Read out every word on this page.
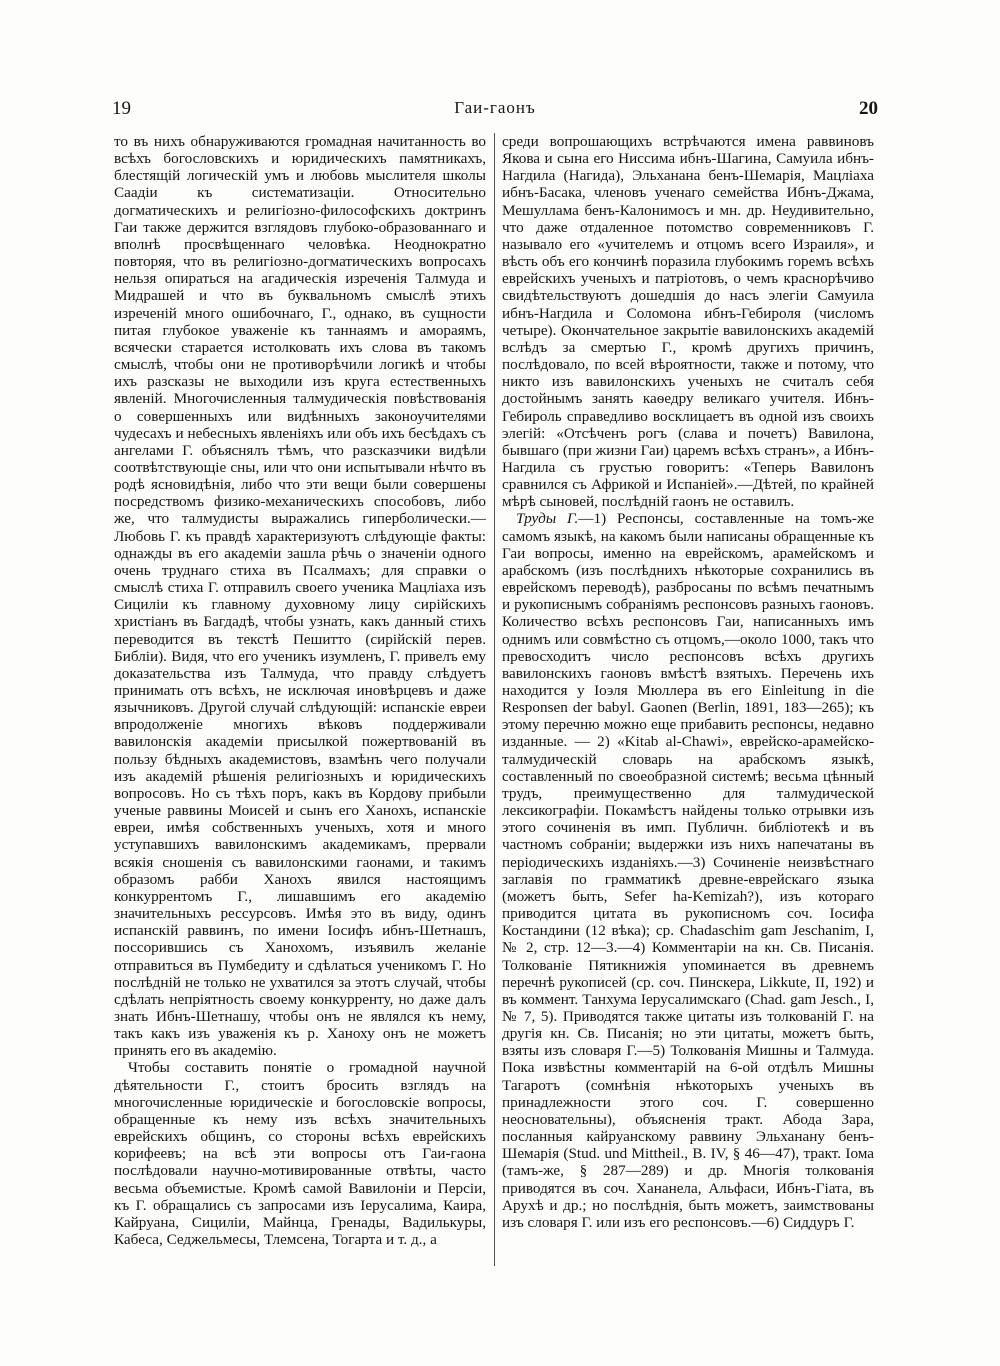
19	Гаи-гаонъ	20

то въ нихъ обнаруживаются громадная начитанность во всѣхъ богословскихъ и юридическихъ памятникахъ, блестящій логическій умъ и любовь мыслителя школы Саадіи къ систематизаціи. Относительно догматическихъ и религіозно-философскихъ доктринъ Гаи также держится взглядовъ глубоко-образованнаго и вполнѣ просвѣщеннаго человѣка. Неоднократно повторяя, что въ религіозно-догматическихъ вопросахъ нельзя опираться на агадическія изреченія Талмуда и Мидрашей и что въ буквальномъ смыслѣ этихъ изреченій много ошибочнаго, Г., однако, въ сущности питая глубокое уваженіе къ таннаямъ и амораямъ, всячески старается истолковать ихъ слова въ такомъ смыслѣ, чтобы они не противорѣчили логикѣ и чтобы ихъ разсказы не выходили изъ круга естественныхъ явленій. Многочисленныя талмудическія повѣствованія о совершенныхъ или видѣнныхъ законоучителями чудесахъ и небесныхъ явленіяхъ или объ ихъ бесѣдахъ съ ангелами Г. объяснялъ тѣмъ, что разсказчики видѣли соотвѣтствующіе сны, или что они испытывали нѣчто въ родѣ ясновидѣнія, либо что эти вещи были совершены посредствомъ физико-механическихъ способовъ, либо же, что талмудисты выражались гиперболически.—Любовь Г. къ правдѣ характеризуютъ слѣдующіе факты: однажды въ его академіи зашла рѣчь о значеніи одного очень труднаго стиха въ Псалмахъ; для справки о смыслѣ стиха Г. отправилъ своего ученика Мацліаха изъ Сициліи къ главному духовному лицу сирійскихъ христіанъ въ Багдадѣ, чтобы узнать, какъ данный стихъ переводится въ текстѣ Пешитто (сирійскій перев. Библіи). Видя, что его ученикъ изумленъ, Г. привелъ ему доказательства изъ Талмуда, что правду слѣдуетъ принимать отъ всѣхъ, не исключая иновѣрцевъ и даже язычниковъ. Другой случай слѣдующій: испанскіе евреи впродолженіе многихъ вѣковъ поддерживали вавилонскія академіи присылкой пожертвованій въ пользу бѣдныхъ академистовъ, взамѣнъ чего получали изъ академій рѣшенія религіозныхъ и юридическихъ вопросовъ. Но съ тѣхъ поръ, какъ въ Кордову прибыли ученые раввины Моисей и сынъ его Ханохъ, испанскіе евреи, имѣя собственныхъ ученыхъ, хотя и много уступавшихъ вавилонскимъ академикамъ, прервали всякія сношенія съ вавилонскими гаонами, и такимъ образомъ рабби Ханохъ явился настоящимъ конкуррентомъ Г., лишавшимъ его академію значительныхъ рессурсовъ. Имѣя это въ виду, одинъ испанскій раввинъ, по имени Іосифъ ибнъ-Шетнашъ, поссорившись съ Ханохомъ, изъявилъ желаніе отправиться въ Пумбедиту и сдѣлаться ученикомъ Г. Но послѣдній не только не ухватился за этотъ случай, чтобы сдѣлать непріятность своему конкурренту, но даже далъ знать Ибнъ-Шетнашу, чтобы онъ не являлся къ нему, такъ какъ изъ уваженія къ р. Ханоху онъ не можетъ принять его въ академію.

Чтобы составить понятіе о громадной научной дѣятельности Г., стоитъ бросить взглядъ на многочисленные юридическіе и богословскіе вопросы, обращенные къ нему изъ всѣхъ значительныхъ еврейскихъ общинъ, со стороны всѣхъ еврейскихъ корифеевъ; на всѣ эти вопросы отъ Гаи-гаона послѣдовали научно-мотивированные отвѣты, часто весьма объемистые. Кромѣ самой Вавилоніи и Персіи, къ Г. обращались съ запросами изъ Іерусалима, Каира, Кайруана, Сициліи, Майнца, Гренады, Вадилькуры, Кабеса, Седжельмесы, Тлемсена, Тогарта и т. д., а

среди вопрошающихъ встрѣчаются имена раввиновъ Якова и сына его Ниссима ибнъ-Шагина, Самуила ибнъ-Нагдила (Нагида), Эльханана бенъ-Шемарія, Мацліаха ибнъ-Басака, членовъ ученаго семейства Ибнъ-Джама, Мешуллама бенъ-Калонимосъ и мн. др. Неудивительно, что даже отдаленное потомство современниковъ Г. называло его «учителемъ и отцомъ всего Израиля», и вѣсть объ его кончинѣ поразила глубокимъ горемъ всѣхъ еврейскихъ ученыхъ и патріотовъ, о чемъ краснорѣчиво свидѣтельствуютъ дошедшія до насъ элегіи Самуила ибнъ-Нагдила и Соломона ибнъ-Гебироля (числомъ четыре). Окончательное закрытіе вавилонскихъ академій вслѣдъ за смертью Г., кромѣ другихъ причинъ, послѣдовало, по всей вѣроятности, также и потому, что никто изъ вавилонскихъ ученыхъ не считалъ себя достойнымъ занять каѳедру великаго учителя. Ибнъ-Гебироль справедливо восклицаетъ въ одной изъ своихъ элегій: «Отсѣченъ рогъ (слава и почетъ) Вавилона, бывшаго (при жизни Гаи) царемъ всѣхъ странъ», а Ибнъ-Нагдила съ грустью говоритъ: «Теперь Вавилонъ сравнился съ Африкой и Испаніей».—Дѣтей, по крайней мѣрѣ сыновей, послѣдній гаонъ не оставилъ.

Труды Г.—1) Респонсы, составленные на томъ-же самомъ языкѣ, на какомъ были написаны обращенные къ Гаи вопросы, именно на еврейскомъ, арамейскомъ и арабскомъ (изъ послѣднихъ нѣкоторые сохранились въ еврейскомъ переводѣ), разбросаны по всѣмъ печатнымъ и рукописнымъ собраніямъ респонсовъ разныхъ гаоновъ. Количество всѣхъ респонсовъ Гаи, написанныхъ имъ однимъ или совмѣстно съ отцомъ,—около 1000, такъ что превосходитъ число респонсовъ всѣхъ другихъ вавилонскихъ гаоновъ вмѣстѣ взятыхъ. Перечень ихъ находится у Іоэля Мюллера въ его Einleitung in die Responsen der babyl. Gaonen (Berlin, 1891, 183—265); къ этому перечню можно еще прибавить респонсы, недавно изданные. — 2) «Kitab al-Chawi», еврейско-арамейско-талмудическій словарь на арабскомъ языкѣ, составленный по своеобразной системѣ; весьма цѣнный трудъ, преимущественно для талмудической лексикографіи. Покамѣстъ найдены только отрывки изъ этого сочиненія въ имп. Публичн. библіотекѣ и въ частномъ собраніи; выдержки изъ нихъ напечатаны въ періодическихъ изданіяхъ.—3) Сочиненіе неизвѣстнаго заглавія по грамматикѣ древне-еврейскаго языка (можетъ быть, Sefer ha-Kemizah?), изъ котораго приводится цитата въ рукописномъ соч. Іосифа Костандини (12 вѣка); ср. Chadaschim gam Jeschanim, I, № 2, стр. 12—3.—4) Комментаріи на кн. Св. Писанія. Толкованіе Пятикнижія упоминается въ древнемъ перечнѣ рукописей (ср. соч. Пинскера, Likkute, II, 192) и въ коммент. Танхума Іерусалимскаго (Chad. gam Jesch., I, № 7, 5). Приводятся также цитаты изъ толкованій Г. на другія кн. Св. Писанія; но эти цитаты, можетъ быть, взяты изъ словаря Г.—5) Толкованія Мишны и Талмуда. Пока извѣстны комментарій на 6-ой отдѣлъ Мишны Тагаротъ (сомнѣнія нѣкоторыхъ ученыхъ въ принадлежности этого соч. Г. совершенно неосновательны), объясненія тракт. Абода Зара, посланныя кайруанскому раввину Эльханану бенъ-Шемарія (Stud. und Mittheil., B. IV, § 46—47), тракт. Іома (тамъ-же, § 287—289) и др. Многія толкованія приводятся въ соч. Хананела, Альфаси, Ибнъ-Гіата, въ Арухѣ и др.; но послѣднія, быть можетъ, заимствованы изъ словаря Г. или изъ его респонсовъ.—6) Сиддуръ Г.
